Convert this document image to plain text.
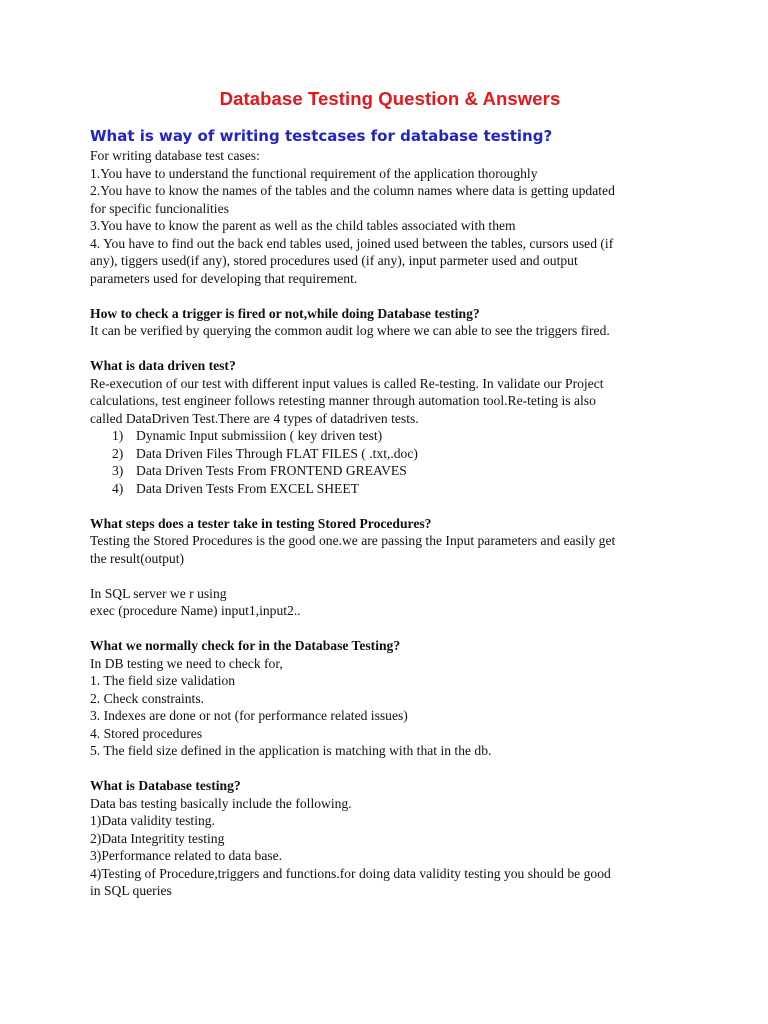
Database Testing Question & Answers
What is way of writing testcases for database testing?
For writing database test cases:
1.You have to understand the functional requirement of the application thoroughly
2.You have to know the names of the tables and the column names where data is getting updated
for specific funcionalities
3.You have to know the parent as well as the child tables associated with them
4. You have to find out the back end tables used, joined used between the tables, cursors used (if
any), tiggers used(if any), stored procedures used (if any), input parmeter used and output
parameters used for developing that requirement.
How to check a trigger is fired or not,while doing Database testing?
It can be verified by querying the common audit log where we can able to see the triggers fired.
What is data driven test?
Re-execution of our test with different input values is called Re-testing. In validate our Project
calculations, test engineer follows retesting manner through automation tool.Re-teting is also
called DataDriven Test.There are 4 types of datadriven tests.
1) Dynamic Input submissiion ( key driven test)
2) Data Driven Files Through FLAT FILES ( .txt,.doc)
3) Data Driven Tests From FRONTEND GREAVES
4) Data Driven Tests From EXCEL SHEET
What steps does a tester take in testing Stored Procedures?
Testing the Stored Procedures is the good one.we are passing the Input parameters and easily get
the result(output)
In SQL server we r using
exec (procedure Name) input1,input2..
What we normally check for in the Database Testing?
In DB testing we need to check for,
1. The field size validation
2. Check constraints.
3. Indexes are done or not (for performance related issues)
4. Stored procedures
5. The field size defined in the application is matching with that in the db.
What is Database testing?
Data bas testing basically include the following.
1)Data validity testing.
2)Data Integritity testing
3)Performance related to data base.
4)Testing of Procedure,triggers and functions.for doing data validity testing you should be good
in SQL queries
